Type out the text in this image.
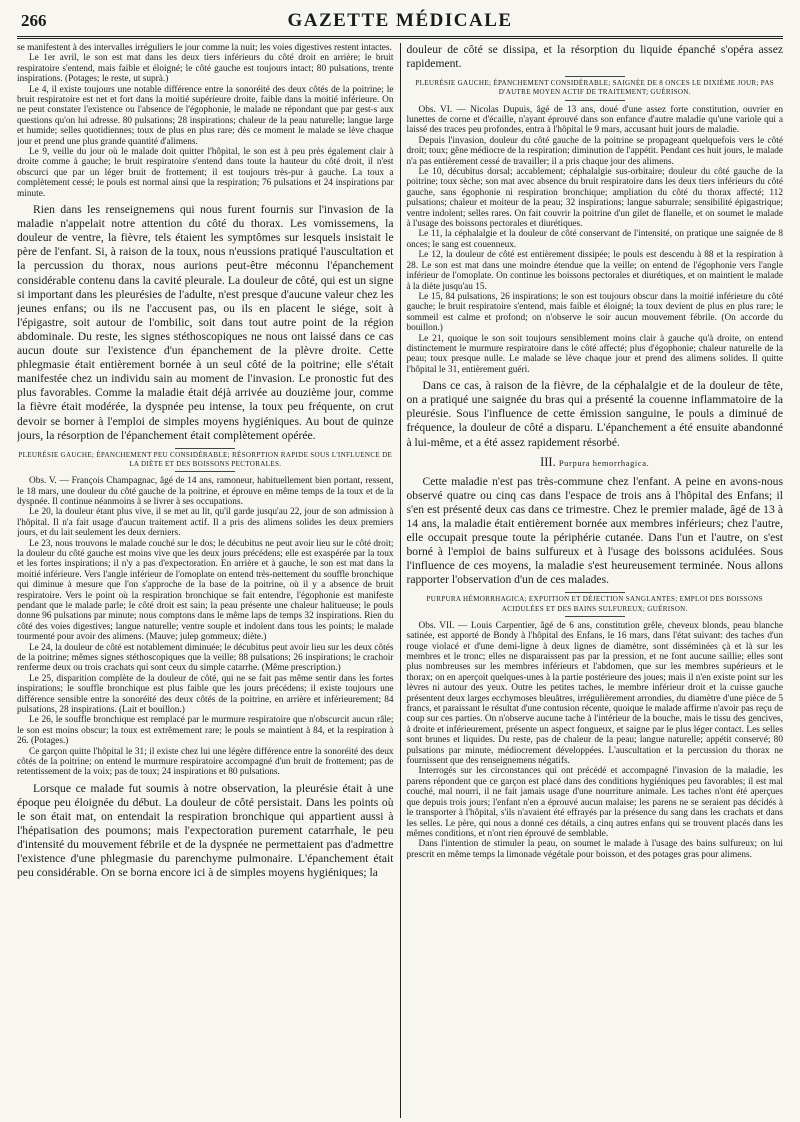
266	GAZETTE MÉDICALE

se manifestent à des intervalles irréguliers le jour comme la nuit; les voies digestives restent intactes.

Le 1er avril, le son est mat dans les deux tiers inférieurs du côté droit en arrière; le bruit respiratoire s'entend, mais faible et éloigné; le côté gauche est toujours intact; 80 pulsations, trente inspirations. (Potages; le reste, ut suprà.)

Le 4, il existe toujours une notable différence entre la sonoréité des deux côtés de la poitrine; le bruit respiratoire est net et fort dans la moitié supérieure droite, faible dans la moitié inférieure. On ne peut constater l'existence ou l'absence de l'égophonie, le malade ne répondant que par gest-s aux questions qu'on lui adresse. 80 pulsations; 28 inspirations; chaleur de la peau naturelle; langue large et humide; selles quotidiennes; toux de plus en plus rare; dès ce moment le malade se lève chaque jour et prend une plus grande quantité d'alimens.

Le 9, veille du jour où le malade doit quitter l'hôpital, le son est à peu près également clair à droite comme à gauche; le bruit respiratoire s'entend dans toute la hauteur du côté droit, il n'est obscurci que par un léger bruit de frottement; il est toujours très-pur à gauche. La toux a complètement cessé; le pouls est normal ainsi que la respiration; 76 pulsations et 24 inspirations par minute.

Rien dans les renseignemens qui nous furent fournis sur l'invasion de la maladie n'appelait notre attention du côté du thorax. Les vomissemens, la douleur de ventre, la fièvre, tels étaient les symptômes sur lesquels insistait le père de l'enfant. Si, à raison de la toux, nous n'eussions pratiqué l'auscultation et la percussion du thorax, nous aurions peut-être méconnu l'épanchement considérable contenu dans la cavité pleurale. La douleur de côté, qui est un signe si important dans les pleurésies de l'adulte, n'est presque d'aucune valeur chez les jeunes enfans; ou ils ne l'accusent pas, ou ils en placent le siége, soit à l'épigastre, soit autour de l'ombilic, soit dans tout autre point de la région abdominale. Du reste, les signes stéthoscopiques ne nous ont laissé dans ce cas aucun doute sur l'existence d'un épanchement de la plèvre droite. Cette phlegmasie était entièrement bornée à un seul côté de la poitrine; elle s'était manifestée chez un individu sain au moment de l'invasion. Le pronostic fut des plus favorables. Comme la maladie était déjà arrivée au douzième jour, comme la fièvre était modérée, la dyspnée peu intense, la toux peu fréquente, on crut devoir se borner à l'emploi de simples moyens hygiéniques. Au bout de quinze jours, la résorption de l'épanchement était complètement opérée.

PLEURÉSIE GAUCHE; ÉPANCHEMENT PEU CONSIDÉRABLE; RÉSORPTION RAPIDE SOUS L'INFLUENCE DE LA DIÈTE ET DES BOISSONS PECTORALES.

Obs. V. — François Champagnac, âgé de 14 ans, ramoneur, habituellement bien portant, ressent, le 18 mars, une douleur du côté gauche de la poitrine, et éprouve en même temps de la toux et de la dyspnée. Il continue néanmoins à se livrer à ses occupations.

Le 20, la douleur étant plus vive, il se met au lit, qu'il garde jusqu'au 22, jour de son admission à l'hôpital. Il n'a fait usage d'aucun traitement actif. Il a pris des alimens solides les deux premiers jours, et du lait seulement les deux derniers.

Le 23, nous trouvons le malade couché sur le dos; le décubitus ne peut avoir lieu sur le côté droit; la douleur du côté gauche est moins vive que les deux jours précédens; elle est exaspérée par la toux et les fortes inspirations; il n'y a pas d'expectoration. En arrière et à gauche, le son est mat dans la moitié inférieure. Vers l'angle inférieur de l'omoplate on entend très-nettement du souffle bronchique qui diminue à mesure que l'on s'approche de la base de la poitrine, où il y a absence de bruit respiratoire. Vers le point où la respiration bronchique se fait entendre, l'égophonie est manifeste pendant que le malade parle; le côté droit est sain; la peau présente une chaleur halitueuse; le pouls donne 96 pulsations par minute; nous comptons dans le même laps de temps 32 inspirations. Rien du côté des voies digestives; langue naturelle; ventre souple et indolent dans tous les points; le malade tourmenté pour avoir des alimens. (Mauve; julep gommeux; diète.)

Le 24, la douleur de côté est notablement diminuée; le décubitus peut avoir lieu sur les deux côtés de la poitrine; mêmes signes stéthoscopiques que la veille; 88 pulsations; 26 inspirations; le crachoir renferme deux ou trois crachats qui sont ceux du simple catarrhe. (Même prescription.)

Le 25, disparition complète de la douleur de côté, qui ne se fait pas même sentir dans les fortes inspirations; le souffle bronchique est plus faible que les jours précédens; il existe toujours une différence sensible entre la sonoréité des deux côtés de la poitrine, en arrière et inférieurement; 84 pulsations, 28 inspirations. (Lait et bouillon.)

Le 26, le souffle bronchique est remplacé par le murmure respiratoire que n'obscurcit aucun râle; le son est moins obscur; la toux est extrêmement rare; le pouls se maintient à 84, et la respiration à 26. (Potages.)

Ce garçon quitte l'hôpital le 31; il existe chez lui une légère différence entre la sonoréité des deux côtés de la poitrine; on entend le murmure respiratoire accompagné d'un bruit de frottement; pas de retentissement de la voix; pas de toux; 24 inspirations et 80 pulsations.

Lorsque ce malade fut soumis à notre observation, la pleurésie était à une époque peu éloignée du début. La douleur de côté persistait. Dans les points où le son était mat, on entendait la respiration bronchique qui appartient aussi à l'hépatisation des poumons; mais l'expectoration purement catarrhale, le peu d'intensité du mouvement fébrile et de la dyspnée ne permettaient pas d'admettre l'existence d'une phlegmasie du parenchyme pulmonaire. L'épanchement était peu considérable. On se borna encore ici à de simples moyens hygiéniques; la

douleur de côté se dissipa, et la résorption du liquide épanché s'opéra assez rapidement.

PLEURÉSIE GAUCHE; ÉPANCHEMENT CONSIDÉRABLE; SAIGNÉE DE 8 ONCES LE DIXIÈME JOUR; PAS D'AUTRE MOYEN ACTIF DE TRAITEMENT; GUÉRISON.

Obs. VI. — Nicolas Dupuis, âgé de 13 ans, doué d'une assez forte constitution, ouvrier en lunettes de corne et d'écaille, n'ayant éprouvé dans son enfance d'autre maladie qu'une variole qui a laissé des traces peu profondes, entra à l'hôpital le 9 mars, accusant huit jours de maladie.

Depuis l'invasion, douleur du côté gauche de la poitrine se propageant quelquefois vers le côté droit; toux; gêne médiocre de la respiration; diminution de l'appétit. Pendant ces huit jours, le malade n'a pas entièrement cessé de travailler; il a pris chaque jour des alimens.

Le 10, décubitus dorsal; accablement; céphalalgie sus-orbitaire; douleur du côté gauche de la poitrine; toux sèche; son mat avec absence du bruit respiratoire dans les deux tiers inférieurs du côté gauche, sans égophonie ni respiration bronchique; ampliation du côté du thorax affecté; 112 pulsations; chaleur et moiteur de la peau; 32 inspirations; langue saburrale; sensibilité épigastrique; ventre indolent; selles rares. On fait couvrir la poitrine d'un gilet de flanelle, et on soumet le malade à l'usage des boissons pectorales et diurétiques.

Le 11, la céphalalgie et la douleur de côté conservant de l'intensité, on pratique une saignée de 8 onces; le sang est couenneux.

Le 12, la douleur de côté est entièrement dissipée; le pouls est descendu à 88 et la respiration à 28. Le son est mat dans une moindre étendue que la veille; on entend de l'égophonie vers l'angle inférieur de l'omoplate. On continue les boissons pectorales et diurétiques, et on maintient le malade à la diète jusqu'au 15.

Le 15, 84 pulsations, 26 inspirations; le son est toujours obscur dans la moitié inférieure du côté gauche; le bruit respiratoire s'entend, mais faible et éloigné; la toux devient de plus en plus rare; le sommeil est calme et profond; on n'observe le soir aucun mouvement fébrile. (On accorde du bouillon.)

Le 21, quoique le son soit toujours sensiblement moins clair à gauche qu'à droite, on entend distinctement le murmure respiratoire dans le côté affecté; plus d'égophonie; chaleur naturelle de la peau; toux presque nulle. Le malade se lève chaque jour et prend des alimens solides. Il quitte l'hôpital le 31, entièrement guéri.

Dans ce cas, à raison de la fièvre, de la céphalalgie et de la douleur de tête, on a pratiqué une saignée du bras qui a présenté la couenne inflammatoire de la pleurésie. Sous l'influence de cette émission sanguine, le pouls a diminué de fréquence, la douleur de côté a disparu. L'épanchement a été ensuite abandonné à lui-même, et a été assez rapidement résorbé.

III. Purpura hemorrhagica.

Cette maladie n'est pas très-commune chez l'enfant. A peine en avons-nous observé quatre ou cinq cas dans l'espace de trois ans à l'hôpital des Enfans; il s'en est présenté deux cas dans ce trimestre. Chez le premier malade, âgé de 13 à 14 ans, la maladie était entièrement bornée aux membres inférieurs; chez l'autre, elle occupait presque toute la périphérie cutanée. Dans l'un et l'autre, on s'est borné à l'emploi de bains sulfureux et à l'usage des boissons acidulées. Sous l'influence de ces moyens, la maladie s'est heureusement terminée. Nous allons rapporter l'observation d'un de ces malades.

PURPURA HÉMORRHAGICA; EXPUITION ET DÉJECTION SANGLANTES; EMPLOI DES BOISSONS ACIDULÉES ET DES BAINS SULFUREUX; GUÉRISON.

Obs. VII. — Louis Carpentier, âgé de 6 ans, constitution grêle, cheveux blonds, peau blanche satinée, est apporté de Bondy à l'hôpital des Enfans, le 16 mars, dans l'état suivant: des taches d'un rouge violacé et d'une demi-ligne à deux lignes de diamètre, sont disséminées çà et là sur les membres et le tronc; elles ne disparaissent pas par la pression, et ne font aucune saillie; elles sont plus nombreuses sur les membres inférieurs et l'abdomen, que sur les membres supérieurs et le thorax; on en aperçoit quelques-unes à la partie postérieure des joues; mais il n'en existe point sur les lèvres ni autour des yeux. Outre les petites taches, le membre inférieur droit et la cuisse gauche présentent deux larges ecchymoses bleuâtres, irrégulièrement arrondies, du diamètre d'une pièce de 5 francs, et paraissant le résultat d'une contusion récente, quoique le malade affirme n'avoir pas reçu de coup sur ces parties. On n'observe aucune tache à l'intérieur de la bouche, mais le tissu des gencives, à droite et inférieurement, présente un aspect fongueux, et saigne par le plus léger contact. Les selles sont brunes et liquides. Du reste, pas de chaleur de la peau; langue naturelle; appétit conservé; 80 pulsations par minute, médiocrement développées. L'auscultation et la percussion du thorax ne fournissent que des renseignemens négatifs.

Interrogés sur les circonstances qui ont précédé et accompagné l'invasion de la maladie, les parens répondent que ce garçon est placé dans des conditions hygiéniques peu favorables; il est mal couché, mal nourri, il ne fait jamais usage d'une nourriture animale. Les taches n'ont été aperçues que depuis trois jours; l'enfant n'en a éprouvé aucun malaise; les parens ne se seraient pas décidés à le transporter à l'hôpital, s'ils n'avaient été effrayés par la présence du sang dans les crachats et dans les selles. Le père, qui nous a donné ces détails, a cinq autres enfans qui se trouvent placés dans les mêmes conditions, et n'ont rien éprouvé de semblable.

Dans l'intention de stimuler la peau, on soumet le malade à l'usage des bains sulfureux; on lui prescrit en même temps la limonade végétale pour boisson, et des potages gras pour alimens.
